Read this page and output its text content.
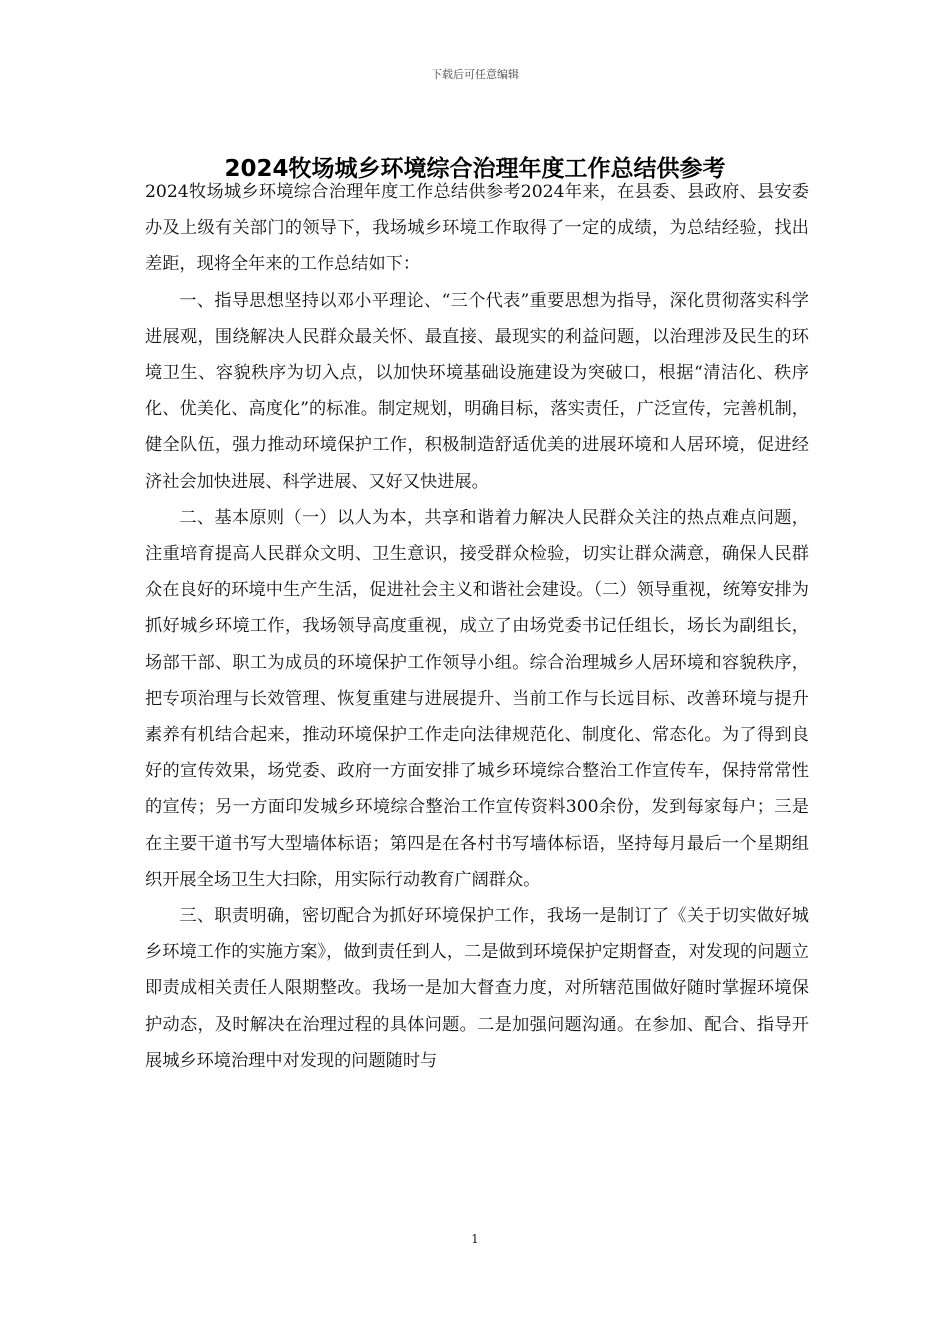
下载后可任意编辑
2024牧场城乡环境综合治理年度工作总结供参考

2024牧场城乡环境综合治理年度工作总结供参考2024年来，在县委、县政府、县安委办及上级有关部门的领导下，我场城乡环境工作取得了一定的成绩，为总结经验，找出差距，现将全年来的工作总结如下：

一、指导思想坚持以邓小平理论、“三个代表”重要思想为指导，深化贯彻落实科学进展观，围绕解决人民群众最关怀、最直接、最现实的利益问题，以治理涉及民生的环境卫生、容貌秩序为切入点，以加快环境基础设施建设为突破口，根据“清洁化、秩序化、优美化、高度化”的标准。制定规划，明确目标，落实责任，广泛宣传，完善机制，健全队伍，强力推动环境保护工作，积极制造舒适优美的进展环境和人居环境，促进经济社会加快进展、科学进展、又好又快进展。

二、基本原则（一）以人为本，共享和谐着力解决人民群众关注的热点难点问题，注重培育提高人民群众文明、卫生意识，接受群众检验，切实让群众满意，确保人民群众在良好的环境中生产生活，促进社会主义和谐社会建设。（二）领导重视，统筹安排为抓好城乡环境工作，我场领导高度重视，成立了由场党委书记任组长，场长为副组长，场部干部、职工为成员的环境保护工作领导小组。综合治理城乡人居环境和容貌秩序，把专项治理与长效管理、恢复重建与进展提升、当前工作与长远目标、改善环境与提升素养有机结合起来，推动环境保护工作走向法律规范化、制度化、常态化。为了得到良好的宣传效果，场党委、政府一方面安排了城乡环境综合整治工作宣传车，保持常常性的宣传；另一方面印发城乡环境综合整治工作宣传资料300余份，发到每家每户；三是在主要干道书写大型墙体标语；第四是在各村书写墙体标语，坚持每月最后一个星期组织开展全场卫生大扫除，用实际行动教育广阔群众。

三、职责明确，密切配合为抓好环境保护工作，我场一是制订了《关于切实做好城乡环境工作的实施方案》，做到责任到人，二是做到环境保护定期督查，对发现的问题立即责成相关责任人限期整改。我场一是加大督查力度，对所辖范围做好随时掌握环境保护动态，及时解决在治理过程的具体问题。二是加强问题沟通。在参加、配合、指导开展城乡环境治理中对发现的问题随时与

1
